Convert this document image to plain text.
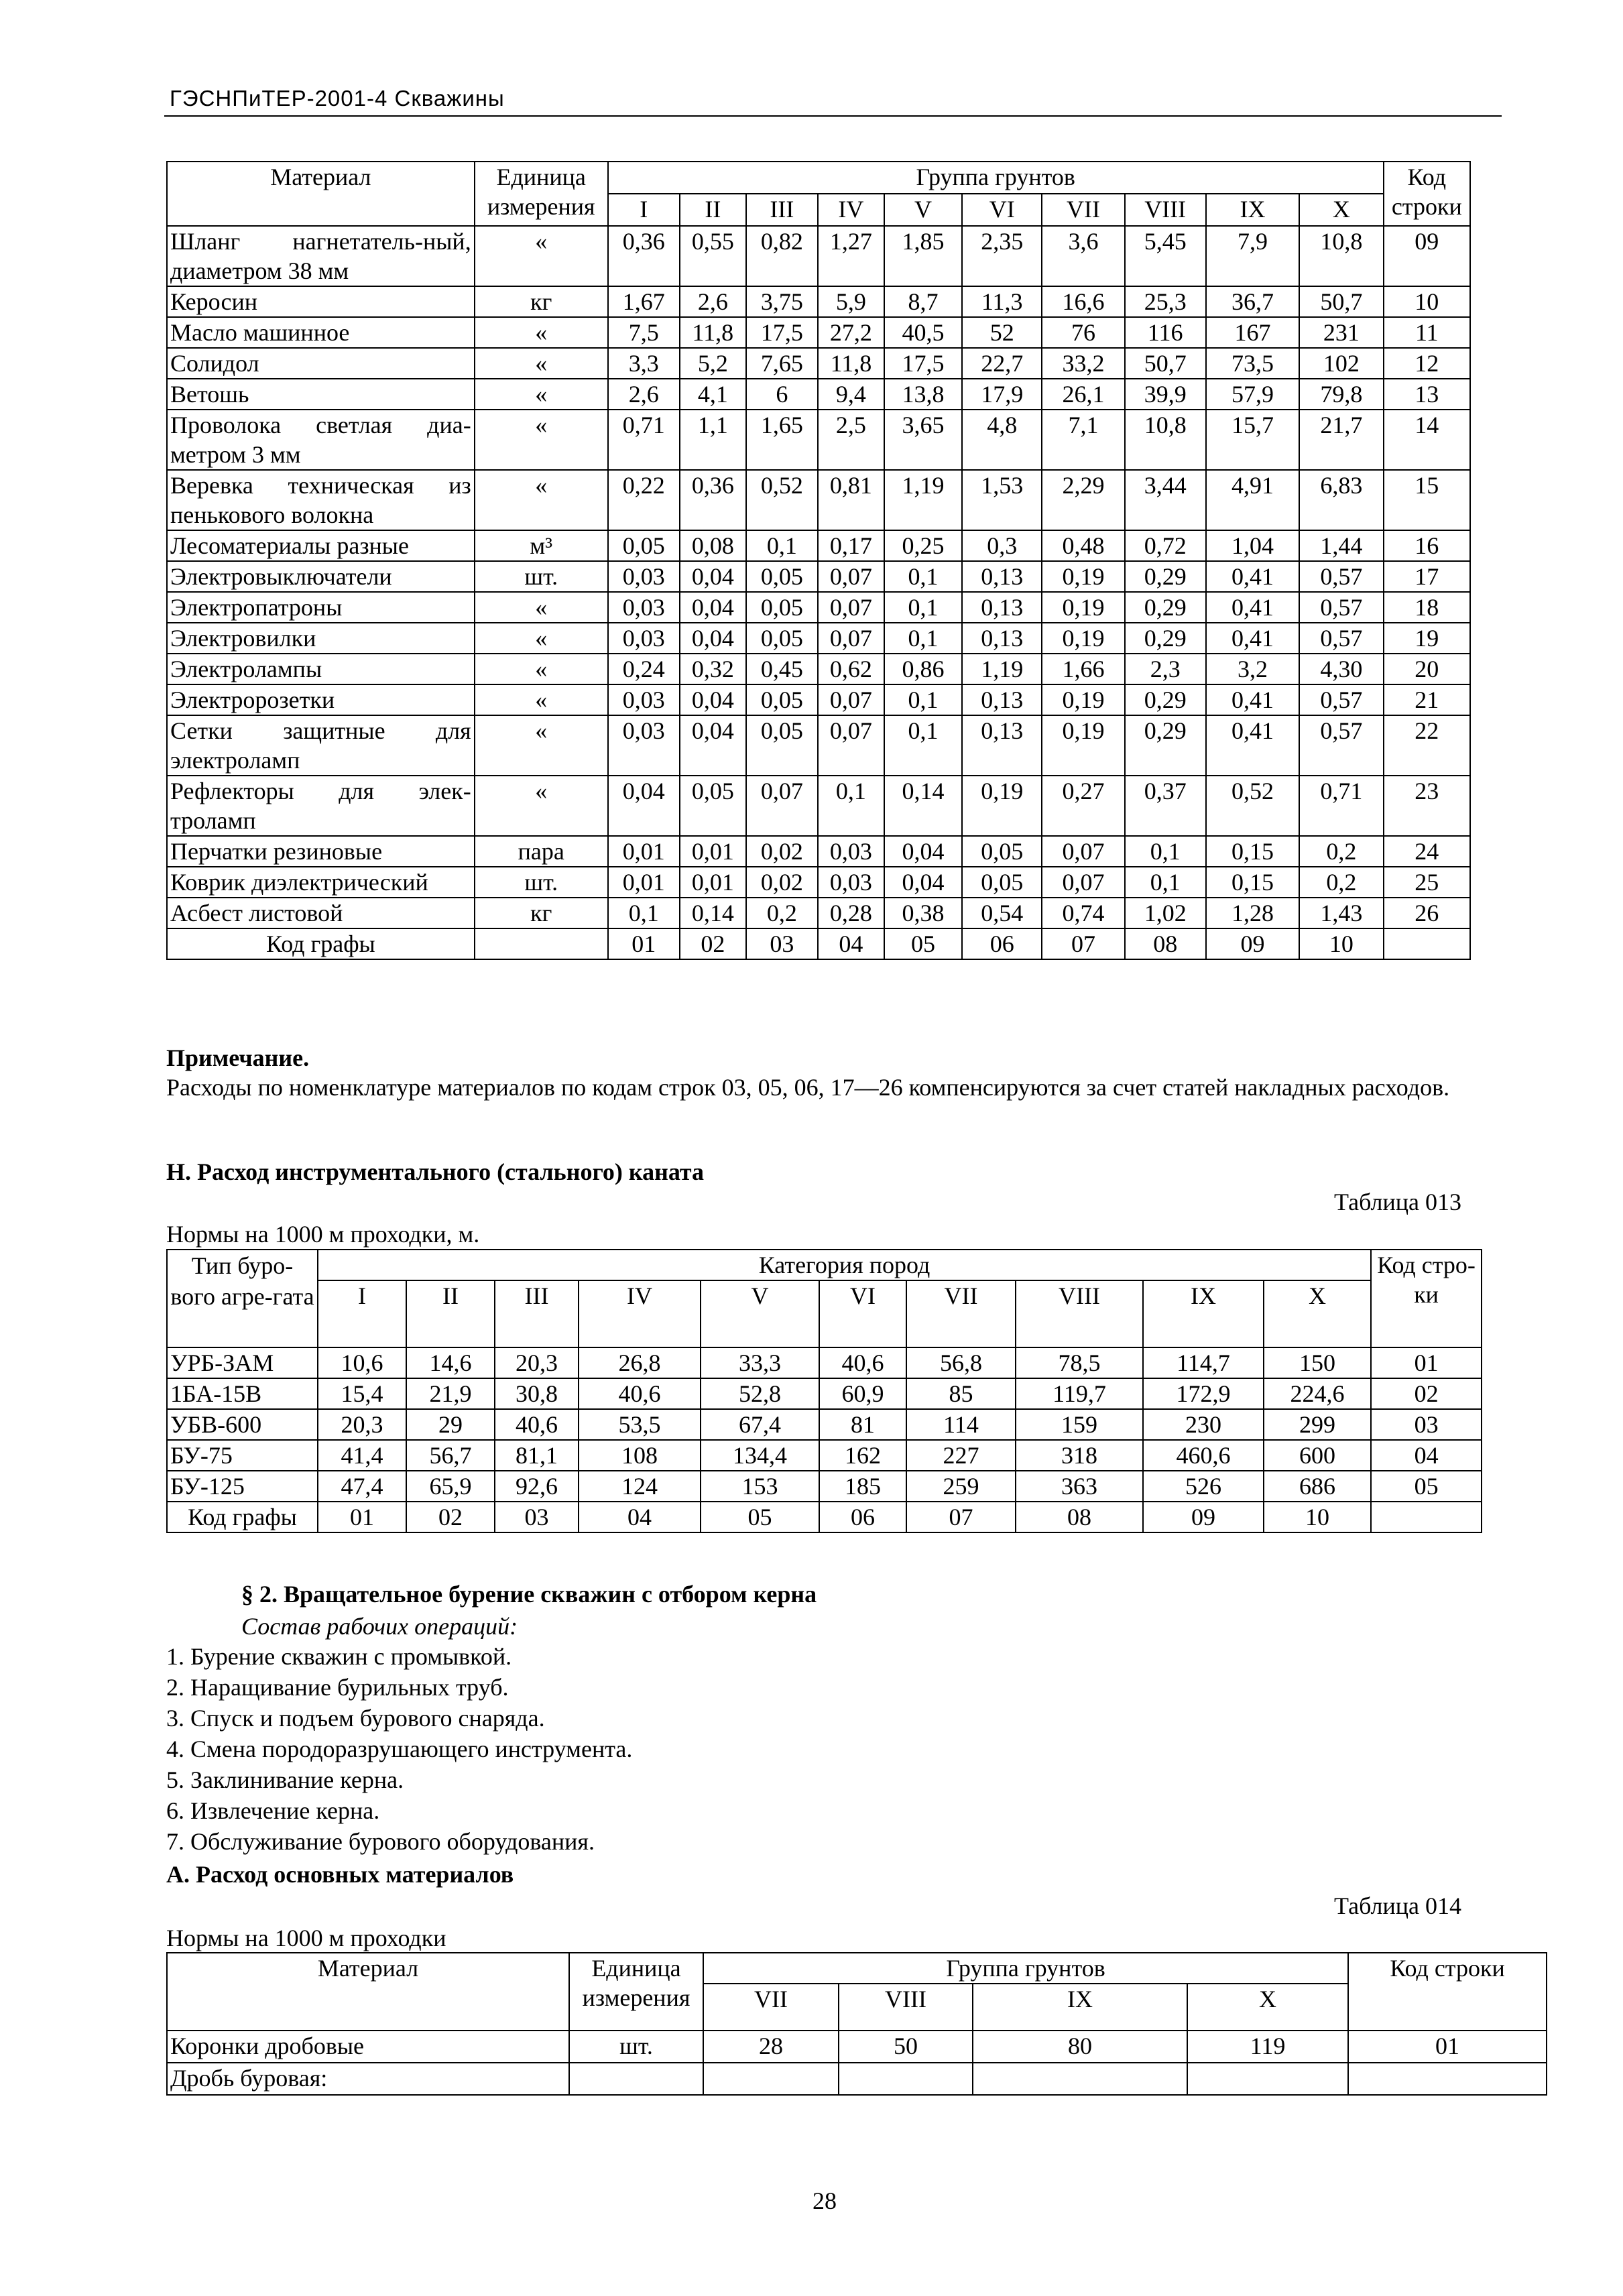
ГЭСНПиТЕР-2001-4 Скважины
Материал	Единица измерения	Группа грунтов										Код строки
		I	II	III	IV	V	VI	VII	VIII	IX	X	
Шланг нагнетатель-ный, диаметром 38 мм	«	0,36	0,55	0,82	1,27	1,85	2,35	3,6	5,45	7,9	10,8	09
Керосин	кг	1,67	2,6	3,75	5,9	8,7	11,3	16,6	25,3	36,7	50,7	10
Масло машинное	«	7,5	11,8	17,5	27,2	40,5	52	76	116	167	231	11
Солидол	«	3,3	5,2	7,65	11,8	17,5	22,7	33,2	50,7	73,5	102	12
Ветошь	«	2,6	4,1	6	9,4	13,8	17,9	26,1	39,9	57,9	79,8	13
Проволока светлая диа-метром 3 мм	«	0,71	1,1	1,65	2,5	3,65	4,8	7,1	10,8	15,7	21,7	14
Веревка техническая из пенькового волокна	«	0,22	0,36	0,52	0,81	1,19	1,53	2,29	3,44	4,91	6,83	15
Лесоматериалы разные	м³	0,05	0,08	0,1	0,17	0,25	0,3	0,48	0,72	1,04	1,44	16
Электровыключатели	шт.	0,03	0,04	0,05	0,07	0,1	0,13	0,19	0,29	0,41	0,57	17
Электропатроны	«	0,03	0,04	0,05	0,07	0,1	0,13	0,19	0,29	0,41	0,57	18
Электровилки	«	0,03	0,04	0,05	0,07	0,1	0,13	0,19	0,29	0,41	0,57	19
Электролампы	«	0,24	0,32	0,45	0,62	0,86	1,19	1,66	2,3	3,2	4,30	20
Электророзетки	«	0,03	0,04	0,05	0,07	0,1	0,13	0,19	0,29	0,41	0,57	21
Сетки защитные для электроламп	«	0,03	0,04	0,05	0,07	0,1	0,13	0,19	0,29	0,41	0,57	22
Рефлекторы для элек-троламп	«	0,04	0,05	0,07	0,1	0,14	0,19	0,27	0,37	0,52	0,71	23
Перчатки резиновые	пара	0,01	0,01	0,02	0,03	0,04	0,05	0,07	0,1	0,15	0,2	24
Коврик диэлектрический	шт.	0,01	0,01	0,02	0,03	0,04	0,05	0,07	0,1	0,15	0,2	25
Асбест листовой	кг	0,1	0,14	0,2	0,28	0,38	0,54	0,74	1,02	1,28	1,43	26
Код графы		01	02	03	04	05	06	07	08	09	10	
Примечание.
Расходы по номенклатуре материалов по кодам строк 03, 05, 06, 17—26 компенсируются за счет статей накладных расходов.
Н. Расход инструментального (стального) каната
Таблица 013
Нормы на 1000 м проходки, м.
Тип буро-вого агре-гата	Категория пород										Код стро-ки
	I	II	III	IV	V	VI	VII	VIII	IX	X	
УРБ-ЗАМ	10,6	14,6	20,3	26,8	33,3	40,6	56,8	78,5	114,7	150	01
1БА-15В	15,4	21,9	30,8	40,6	52,8	60,9	85	119,7	172,9	224,6	02
УБВ-600	20,3	29	40,6	53,5	67,4	81	114	159	230	299	03
БУ-75	41,4	56,7	81,1	108	134,4	162	227	318	460,6	600	04
БУ-125	47,4	65,9	92,6	124	153	185	259	363	526	686	05
Код графы	01	02	03	04	05	06	07	08	09	10	
§ 2. Вращательное бурение скважин с отбором керна
Состав рабочих операций:
1. Бурение скважин с промывкой.
2. Наращивание бурильных труб.
3. Спуск и подъем бурового снаряда.
4. Смена породоразрушающего инструмента.
5. Заклинивание керна.
6. Извлечение керна.
7. Обслуживание бурового оборудования.
А. Расход основных материалов
Таблица 014
Нормы на 1000 м проходки
Материал	Единица измерения	Группа грунтов				Код строки
		VII	VIII	IX	X	
Коронки дробовые	шт.	28	50	80	119	01
Дробь буровая:						
28
